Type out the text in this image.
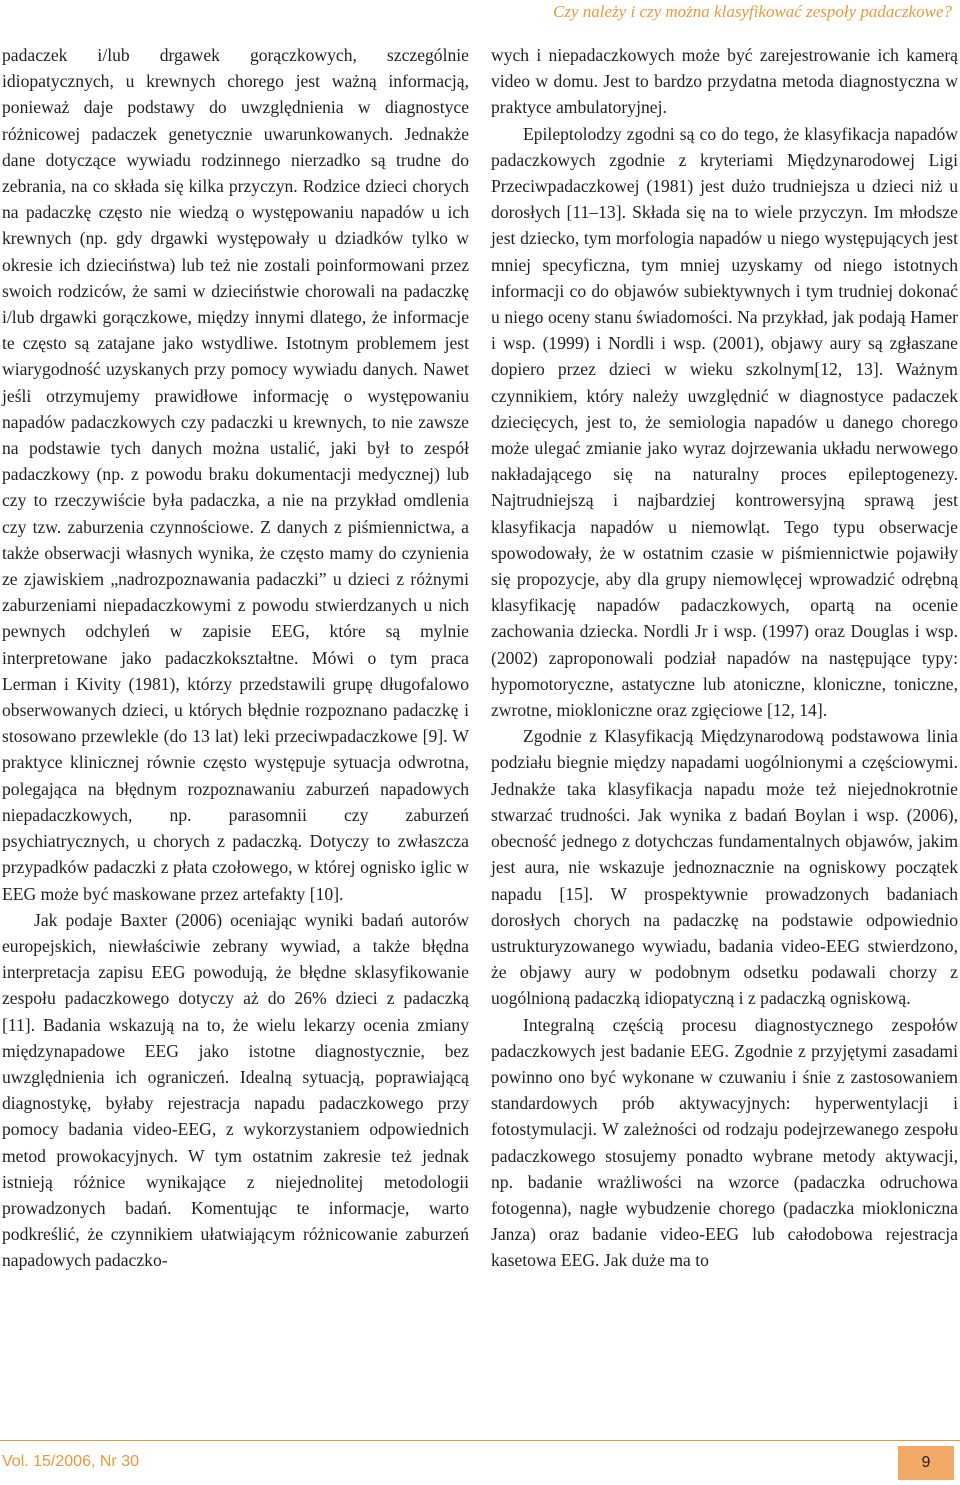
Czy należy i czy można klasyfikować zespoły padaczkowe?

padaczek i/lub drgawek gorączkowych, szczególnie idiopatycznych, u krewnych chorego jest ważną informacją, ponieważ daje podstawy do uwzględnienia w diagnostyce różnicowej padaczek genetycznie uwarunkowanych. Jednakże dane dotyczące wywiadu rodzinnego nierzadko są trudne do zebrania, na co składa się kilka przyczyn. Rodzice dzieci chorych na padaczkę często nie wiedzą o występowaniu napadów u ich krewnych (np. gdy drgawki występowały u dziadków tylko w okresie ich dzieciństwa) lub też nie zostali poinformowani przez swoich rodziców, że sami w dzieciństwie chorowali na padaczkę i/lub drgawki gorączkowe, między innymi dlatego, że informacje te często są zatajane jako wstydliwe. Istotnym problemem jest wiarygodność uzyskanych przy pomocy wywiadu danych. Nawet jeśli otrzymujemy prawidłowe informację o występowaniu napadów padaczkowych czy padaczki u krewnych, to nie zawsze na podstawie tych danych można ustalić, jaki był to zespół padaczkowy (np. z powodu braku dokumentacji medycznej) lub czy to rzeczywiście była padaczka, a nie na przykład omdlenia czy tzw. zaburzenia czynnościowe. Z danych z piśmiennictwa, a także obserwacji własnych wynika, że często mamy do czynienia ze zjawiskiem „nadrozpoznawania padaczki” u dzieci z różnymi zaburzeniami niepadaczkowymi z powodu stwierdzanych u nich pewnych odchyleń w zapisie EEG, które są mylnie interpretowane jako padaczkokształtne. Mówi o tym praca Lerman i Kivity (1981), którzy przedstawili grupę długofalowo obserwowanych dzieci, u których błędnie rozpoznano padaczkę i stosowano przewlekle (do 13 lat) leki przeciwpadaczkowe [9]. W praktyce klinicznej równie często występuje sytuacja odwrotna, polegająca na błędnym rozpoznawaniu zaburzeń napadowych niepadaczkowych, np. parasomnii czy zaburzeń psychiatrycznych, u chorych z padaczką. Dotyczy to zwłaszcza przypadków padaczki z płata czołowego, w której ognisko iglic w EEG może być maskowane przez artefakty [10].

Jak podaje Baxter (2006) oceniając wyniki badań autorów europejskich, niewłaściwie zebrany wywiad, a także błędna interpretacja zapisu EEG powodują, że błędne sklasyfikowanie zespołu padaczkowego dotyczy aż do 26% dzieci z padaczką [11]. Badania wskazują na to, że wielu lekarzy ocenia zmiany międzynapadowe EEG jako istotne diagnostycznie, bez uwzględnienia ich ograniczeń. Idealną sytuacją, poprawiającą diagnostykę, byłaby rejestracja napadu padaczkowego przy pomocy badania video-EEG, z wykorzystaniem odpowiednich metod prowokacyjnych. W tym ostatnim zakresie też jednak istnieją różnice wynikające z niejednolitej metodologii prowadzonych badań. Komentując te informacje, warto podkreślić, że czynnikiem ułatwiającym różnicowanie zaburzeń napadowych padaczko-

wych i niepadaczkowych może być zarejestrowanie ich kamerą video w domu. Jest to bardzo przydatna metoda diagnostyczna w praktyce ambulatoryjnej.

Epileptolodzy zgodni są co do tego, że klasyfikacja napadów padaczkowych zgodnie z kryteriami Międzynarodowej Ligi Przeciwpadaczkowej (1981) jest dużo trudniejsza u dzieci niż u dorosłych [11–13]. Składa się na to wiele przyczyn. Im młodsze jest dziecko, tym morfologia napadów u niego występujących jest mniej specyficzna, tym mniej uzyskamy od niego istotnych informacji co do objawów subiektywnych i tym trudniej dokonać u niego oceny stanu świadomości. Na przykład, jak podają Hamer i wsp. (1999) i Nordli i wsp. (2001), objawy aury są zgłaszane dopiero przez dzieci w wieku szkolnym[12, 13]. Ważnym czynnikiem, który należy uwzględnić w diagnostyce padaczek dziecięcych, jest to, że semiologia napadów u danego chorego może ulegać zmianie jako wyraz dojrzewania układu nerwowego nakładającego się na naturalny proces epileptogenezy. Najtrudniejszą i najbardziej kontrowersyjną sprawą jest klasyfikacja napadów u niemowląt. Tego typu obserwacje spowodowały, że w ostatnim czasie w piśmiennictwie pojawiły się propozycje, aby dla grupy niemowlęcej wprowadzić odrębną klasyfikację napadów padaczkowych, opartą na ocenie zachowania dziecka. Nordli Jr i wsp. (1997) oraz Douglas i wsp. (2002) zaproponowali podział napadów na następujące typy: hypomotoryczne, astatyczne lub atoniczne, kloniczne, toniczne, zwrotne, miokloniczne oraz zgięciowe [12, 14].

Zgodnie z Klasyfikacją Międzynarodową podstawowa linia podziału biegnie między napadami uogólnionymi a częściowymi. Jednakże taka klasyfikacja napadu może też niejednokrotnie stwarzać trudności. Jak wynika z badań Boylan i wsp. (2006), obecność jednego z dotychczas fundamentalnych objawów, jakim jest aura, nie wskazuje jednoznacznie na ogniskowy początek napadu [15]. W prospektywnie prowadzonych badaniach dorosłych chorych na padaczkę na podstawie odpowiednio ustrukturyzowanego wywiadu, badania video-EEG stwierdzono, że objawy aury w podobnym odsetku podawali chorzy z uogólnioną padaczką idiopatyczną i z padaczką ogniskową.

Integralną częścią procesu diagnostycznego zespołów padaczkowych jest badanie EEG. Zgodnie z przyjętymi zasadami powinno ono być wykonane w czuwaniu i śnie z zastosowaniem standardowych prób aktywacyjnych: hyperwentylacji i fotostymulacji. W zależności od rodzaju podejrzewanego zespołu padaczkowego stosujemy ponadto wybrane metody aktywacji, np. badanie wrażliwości na wzorce (padaczka odruchowa fotogenna), nagłe wybudzenie chorego (padaczka miokloniczna Janza) oraz badanie video-EEG lub całodobowa rejestracja kasetowa EEG. Jak duże ma to

Vol. 15/2006, Nr 30	9
